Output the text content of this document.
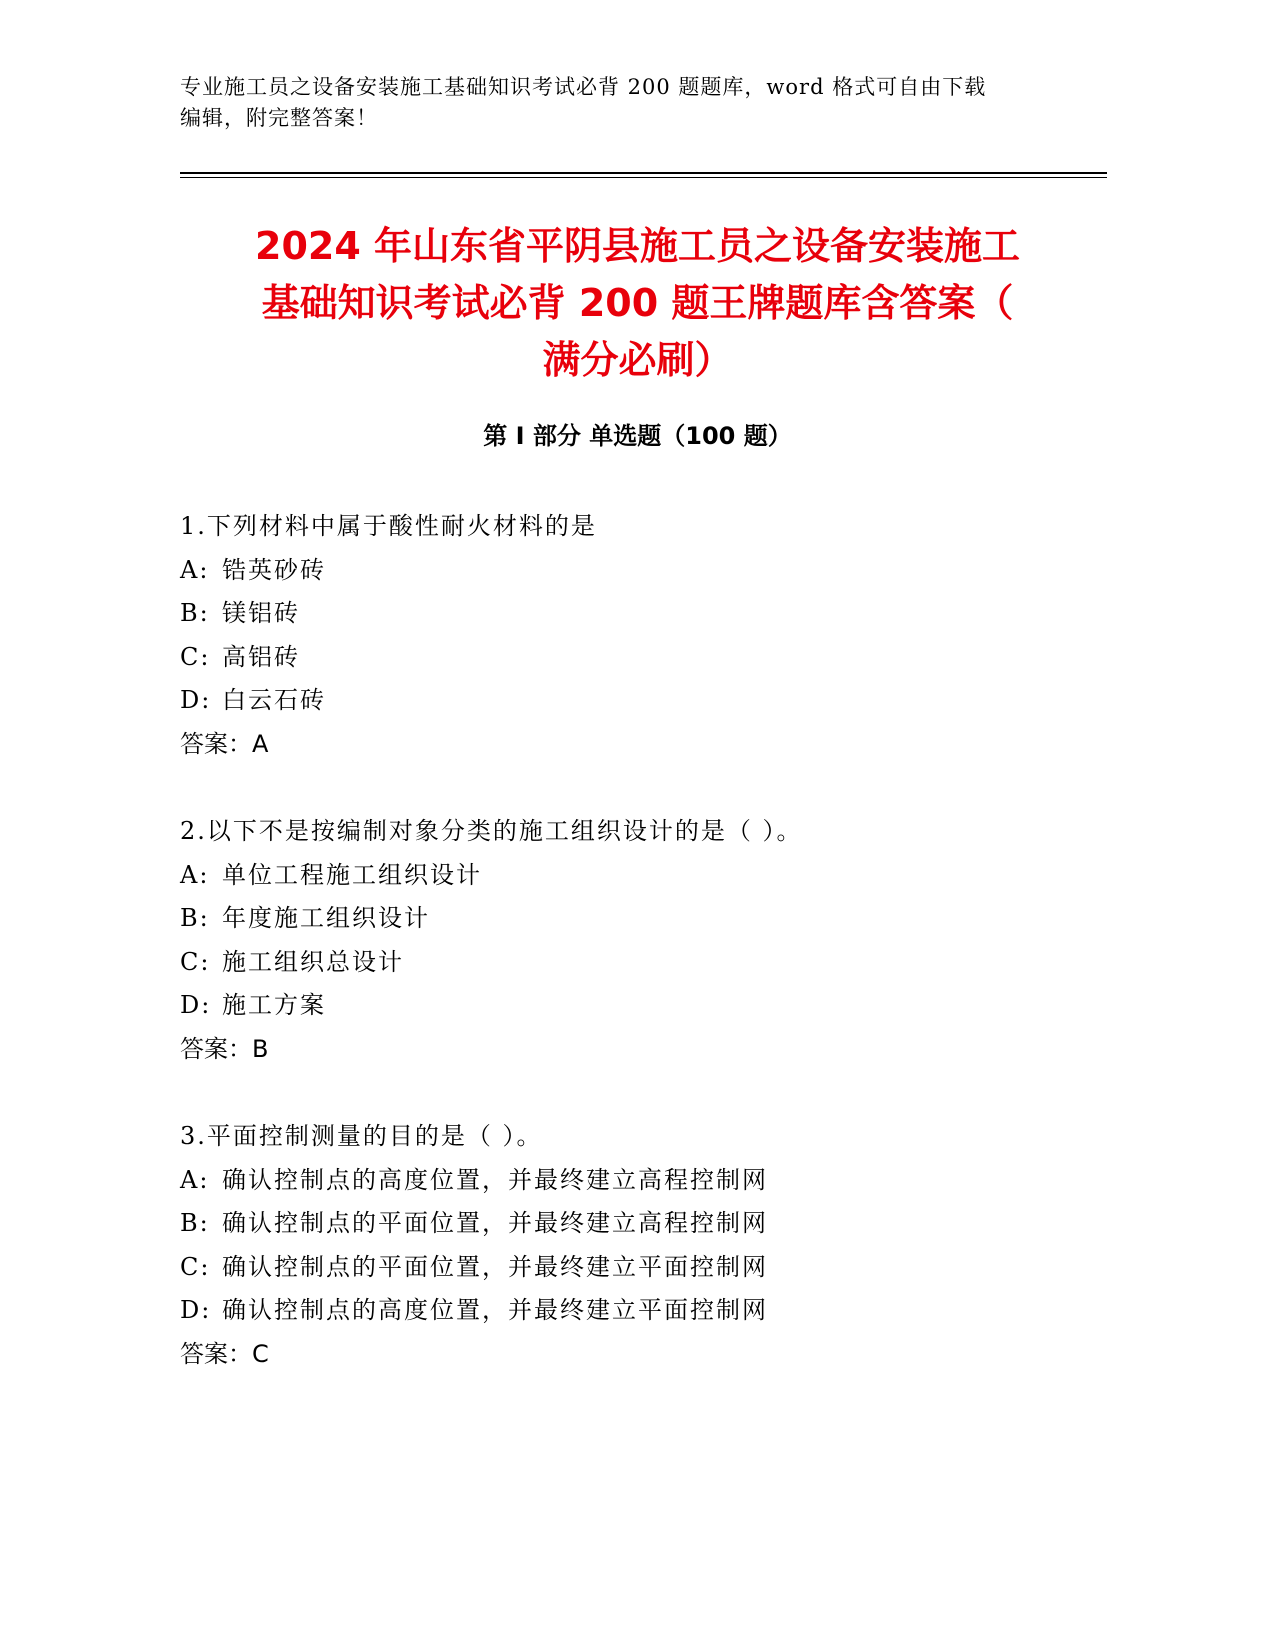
专业施工员之设备安装施工基础知识考试必背 200 题题库，word 格式可自由下载
编辑，附完整答案！
2024 年山东省平阴县施工员之设备安装施工
基础知识考试必背 200 题王牌题库含答案（
满分必刷）
第 I 部分 单选题（100 题）
1.下列材料中属于酸性耐火材料的是
A: 锆英砂砖
B: 镁铝砖
C: 高铝砖
D: 白云石砖
答案：A
2.以下不是按编制对象分类的施工组织设计的是（ ）。
A: 单位工程施工组织设计
B: 年度施工组织设计
C: 施工组织总设计
D: 施工方案
答案：B
3.平面控制测量的目的是（ ）。
A: 确认控制点的高度位置，并最终建立高程控制网
B: 确认控制点的平面位置，并最终建立高程控制网
C: 确认控制点的平面位置，并最终建立平面控制网
D: 确认控制点的高度位置，并最终建立平面控制网
答案：C
